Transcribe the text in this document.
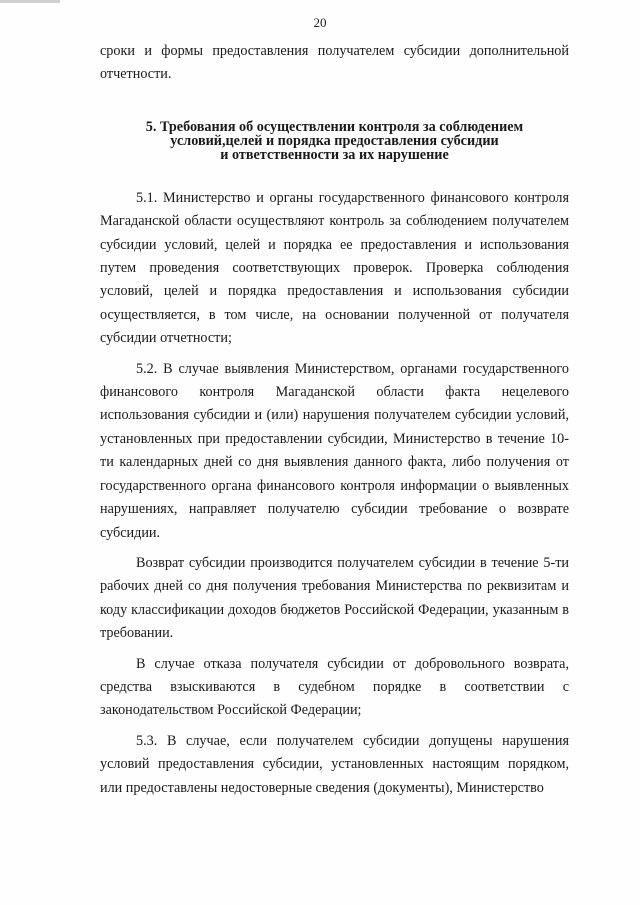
20

сроки и формы предоставления получателем субсидии дополнительной отчетности.

5. Требования об осуществлении контроля за соблюдением
условий,целей и порядка предоставления субсидии
и ответственности за их нарушение

5.1. Министерство и органы государственного финансового контроля Магаданской области осуществляют контроль за соблюдением получателем субсидии условий, целей и порядка ее предоставления и использования путем проведения соответствующих проверок. Проверка соблюдения условий, целей и порядка предоставления и использования субсидии осуществляется, в том числе, на основании полученной от получателя субсидии отчетности;

5.2. В случае выявления Министерством, органами государственного финансового контроля Магаданской области факта нецелевого использования субсидии и (или) нарушения получателем субсидии условий, установленных при предоставлении субсидии, Министерство в течение 10-ти календарных дней со дня выявления данного факта, либо получения от государственного органа финансового контроля информации о выявленных нарушениях, направляет получателю субсидии требование о возврате субсидии.

Возврат субсидии производится получателем субсидии в течение 5-ти рабочих дней со дня получения требования Министерства по реквизитам и коду классификации доходов бюджетов Российской Федерации, указанным в требовании.

В случае отказа получателя субсидии от добровольного возврата, средства взыскиваются в судебном порядке в соответствии с законодательством Российской Федерации;

5.3. В случае, если получателем субсидии допущены нарушения условий предоставления субсидии, установленных настоящим порядком, или предоставлены недостоверные сведения (документы), Министерство
